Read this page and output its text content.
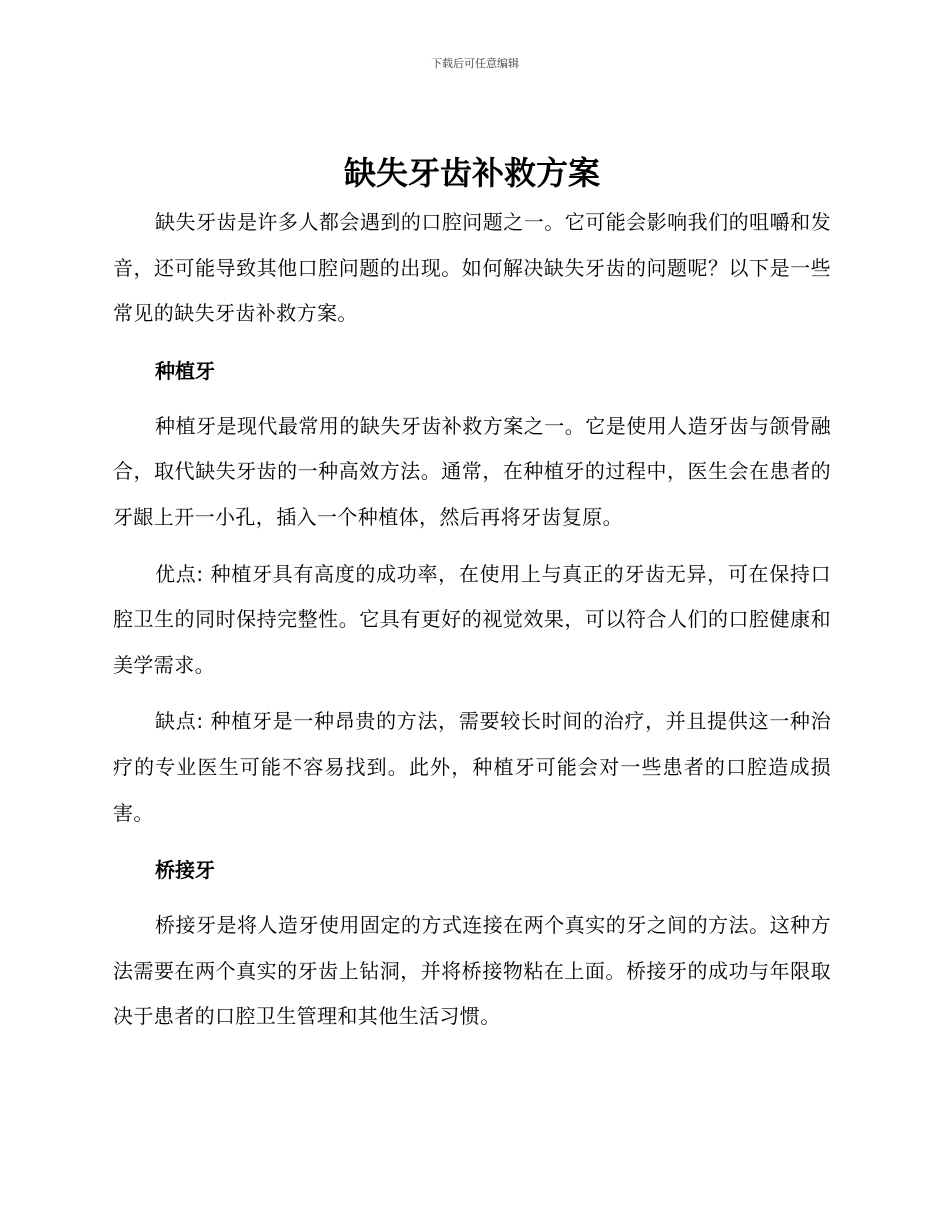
下载后可任意编辑
缺失牙齿补救方案

缺失牙齿是许多人都会遇到的口腔问题之一。它可能会影响我们的咀嚼和发音，还可能导致其他口腔问题的出现。如何解决缺失牙齿的问题呢？以下是一些常见的缺失牙齿补救方案。

种植牙

种植牙是现代最常用的缺失牙齿补救方案之一。它是使用人造牙齿与颌骨融合，取代缺失牙齿的一种高效方法。通常，在种植牙的过程中，医生会在患者的牙龈上开一小孔，插入一个种植体，然后再将牙齿复原。

优点: 种植牙具有高度的成功率，在使用上与真正的牙齿无异，可在保持口腔卫生的同时保持完整性。它具有更好的视觉效果，可以符合人们的口腔健康和美学需求。

缺点: 种植牙是一种昂贵的方法，需要较长时间的治疗，并且提供这一种治疗的专业医生可能不容易找到。此外，种植牙可能会对一些患者的口腔造成损害。

桥接牙

桥接牙是将人造牙使用固定的方式连接在两个真实的牙之间的方法。这种方法需要在两个真实的牙齿上钻洞，并将桥接物粘在上面。桥接牙的成功与年限取决于患者的口腔卫生管理和其他生活习惯。
